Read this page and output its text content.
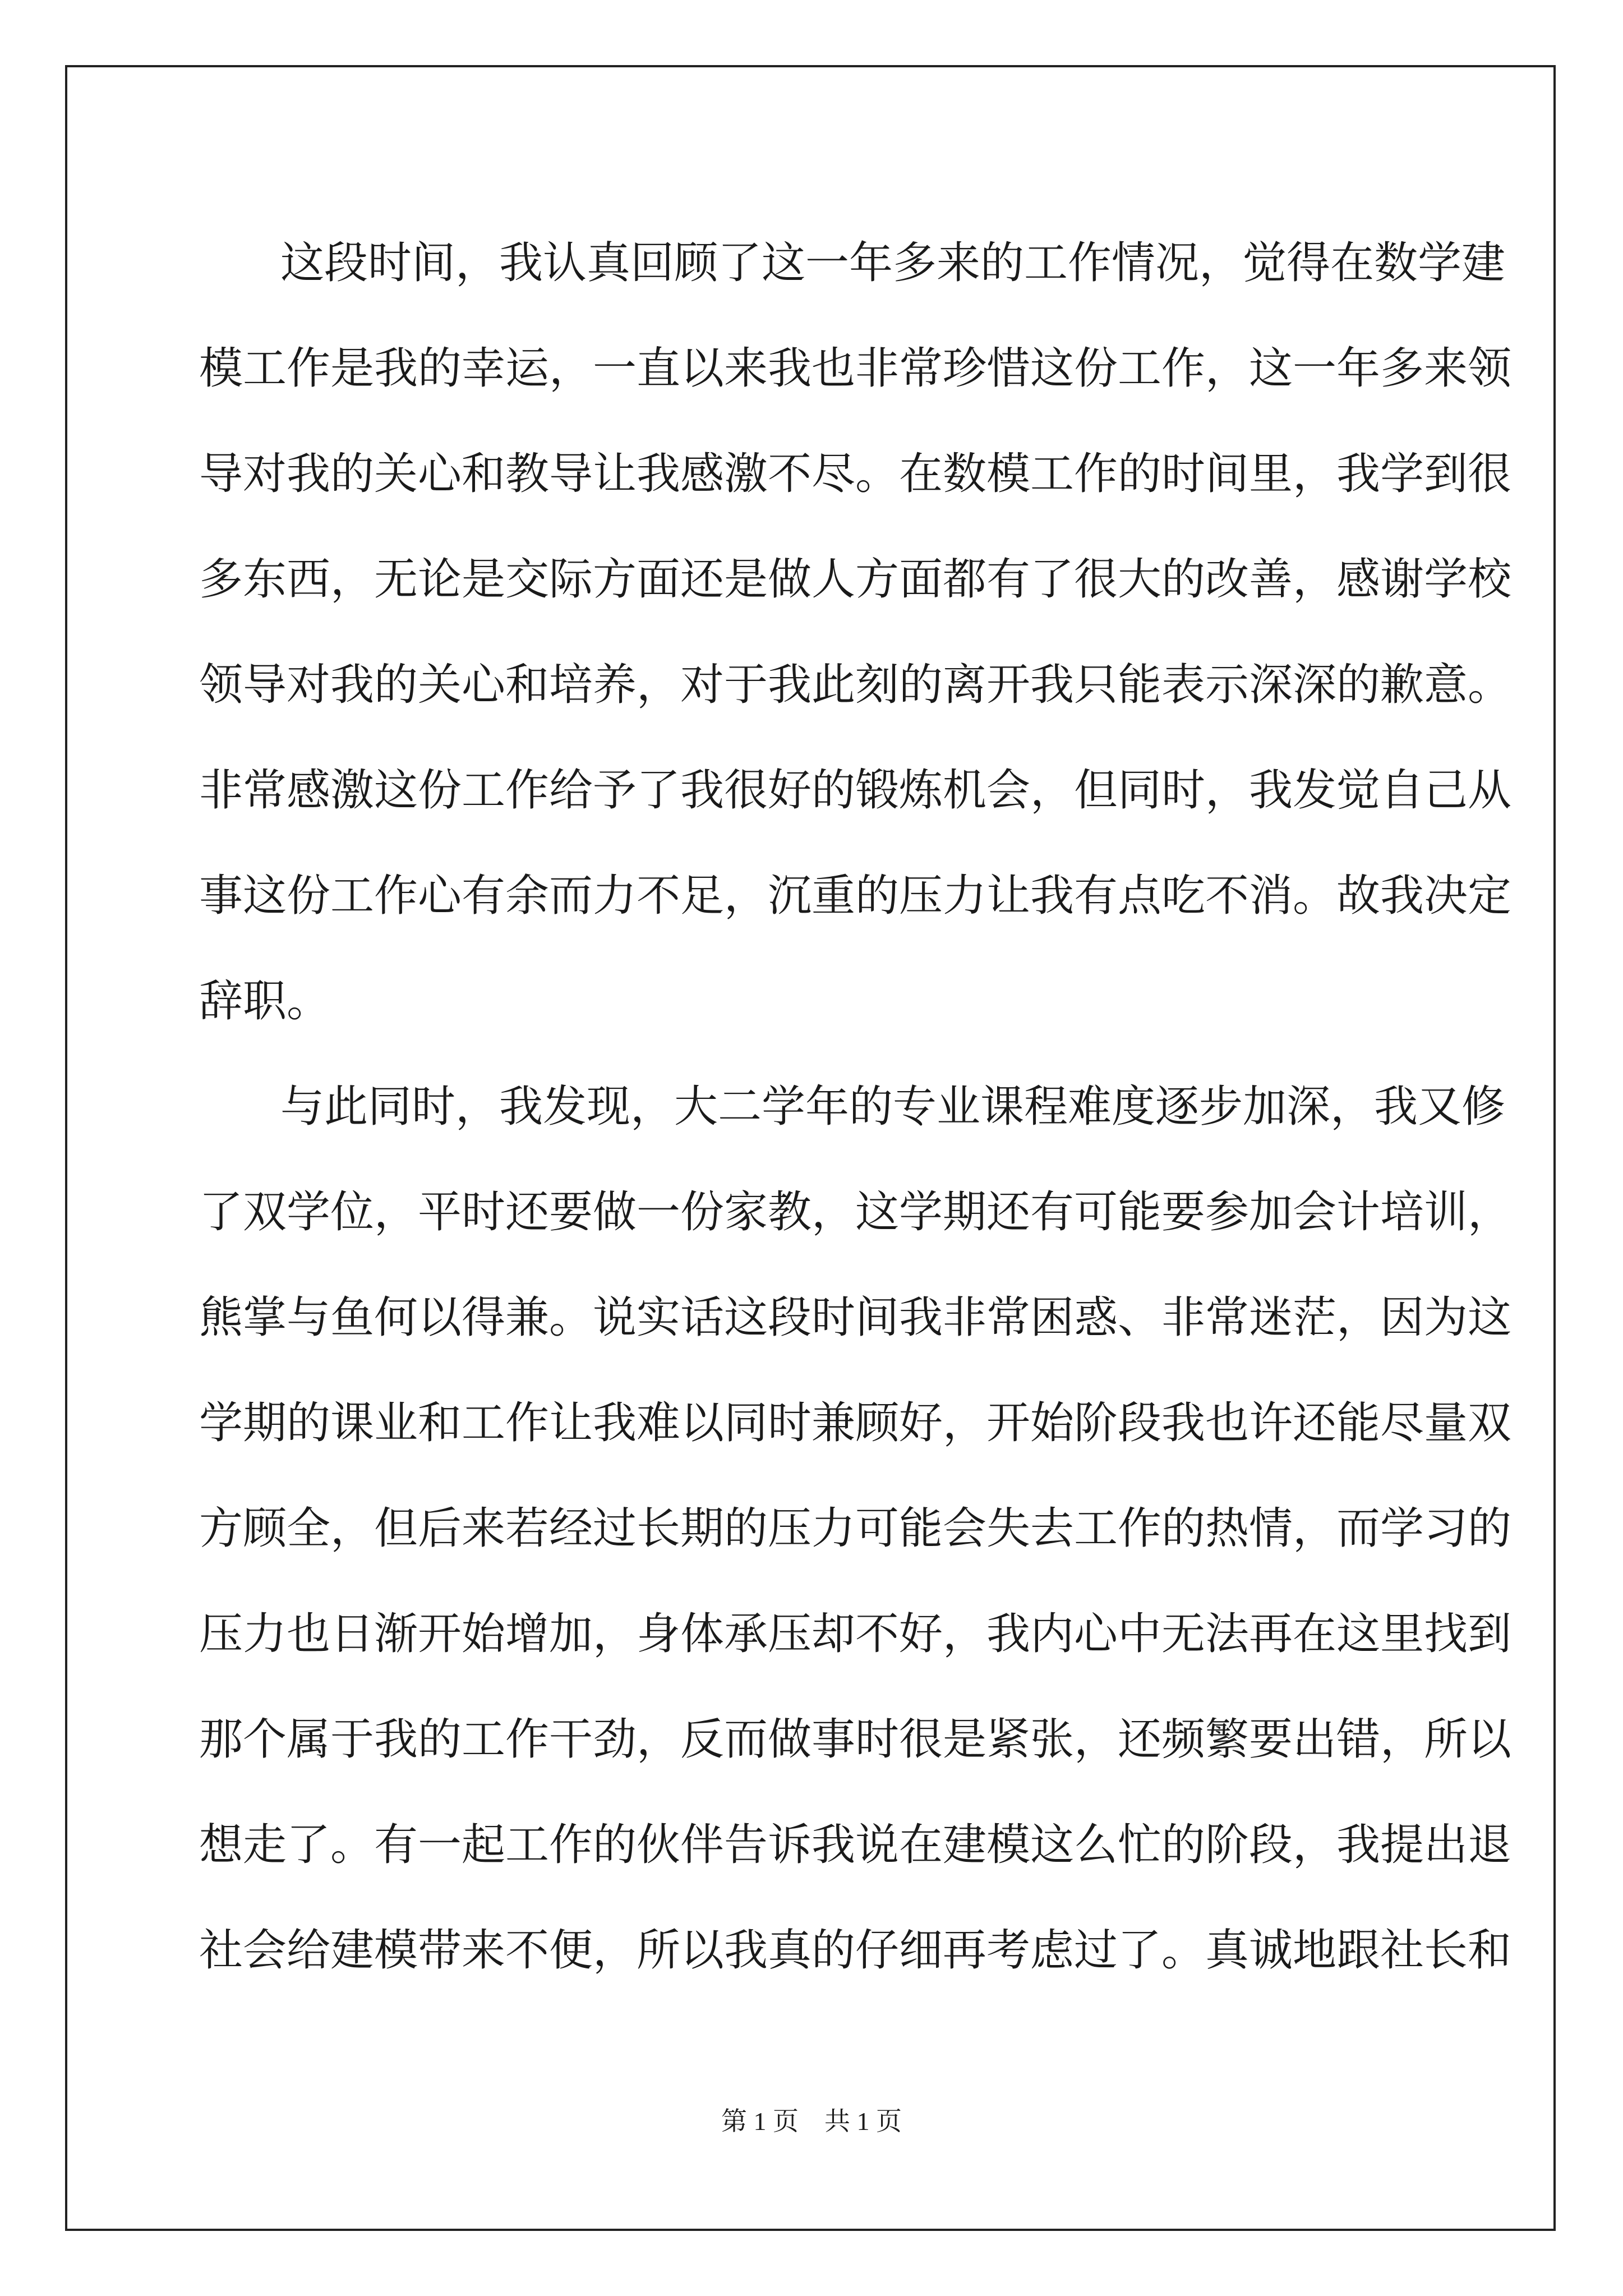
这段时间，我认真回顾了这一年多来的工作情况，觉得在数学建
模工作是我的幸运，一直以来我也非常珍惜这份工作，这一年多来领
导对我的关心和教导让我感激不尽。在数模工作的时间里，我学到很
多东西，无论是交际方面还是做人方面都有了很大的改善，感谢学校
领导对我的关心和培养，对于我此刻的离开我只能表示深深的歉意。
非常感激这份工作给予了我很好的锻炼机会，但同时，我发觉自己从
事这份工作心有余而力不足，沉重的压力让我有点吃不消。故我决定
辞职。
与此同时，我发现，大二学年的专业课程难度逐步加深，我又修
了双学位，平时还要做一份家教，这学期还有可能要参加会计培训，
熊掌与鱼何以得兼。说实话这段时间我非常困惑、非常迷茫，因为这
学期的课业和工作让我难以同时兼顾好，开始阶段我也许还能尽量双
方顾全，但后来若经过长期的压力可能会失去工作的热情，而学习的
压力也日渐开始增加，身体承压却不好，我内心中无法再在这里找到
那个属于我的工作干劲，反而做事时很是紧张，还频繁要出错，所以
想走了。有一起工作的伙伴告诉我说在建模这么忙的阶段，我提出退
社会给建模带来不便，所以我真的仔细再考虑过了。真诚地跟社长和
第 1 页　共 1 页
